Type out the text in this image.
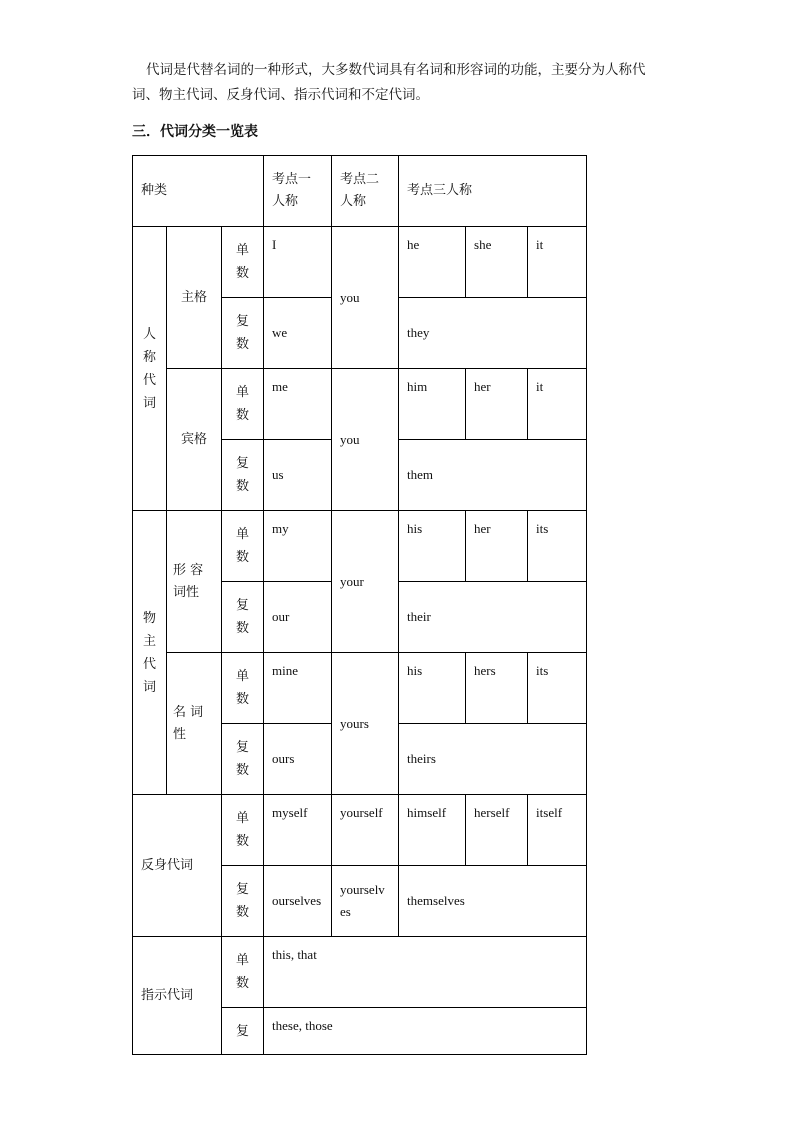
代词是代替名词的一种形式，大多数代词具有名词和形容词的功能，主要分为人称代词、物主代词、反身代词、指示代词和不定代词。

三．代词分类一览表
种类			考点一人称	考点二人称	考点三人称		

人称代词	主格	单数	I	you	he	she	it

		复数	we		they		
	宾格	单数	me	you	him	her	it

		复数	us		them		

物主代词	形 容词性	单数	my	your	his	her	its

		复数	our		their		

	名 词性	单数	mine	yours	his	hers	its

		复数	ours		theirs		
反身代词		单数	myself	yourself	himself	herself	itself

		复数	ourselves	yourselves	themselves		
指示代词		单数	this, that				

		复	these, those				
